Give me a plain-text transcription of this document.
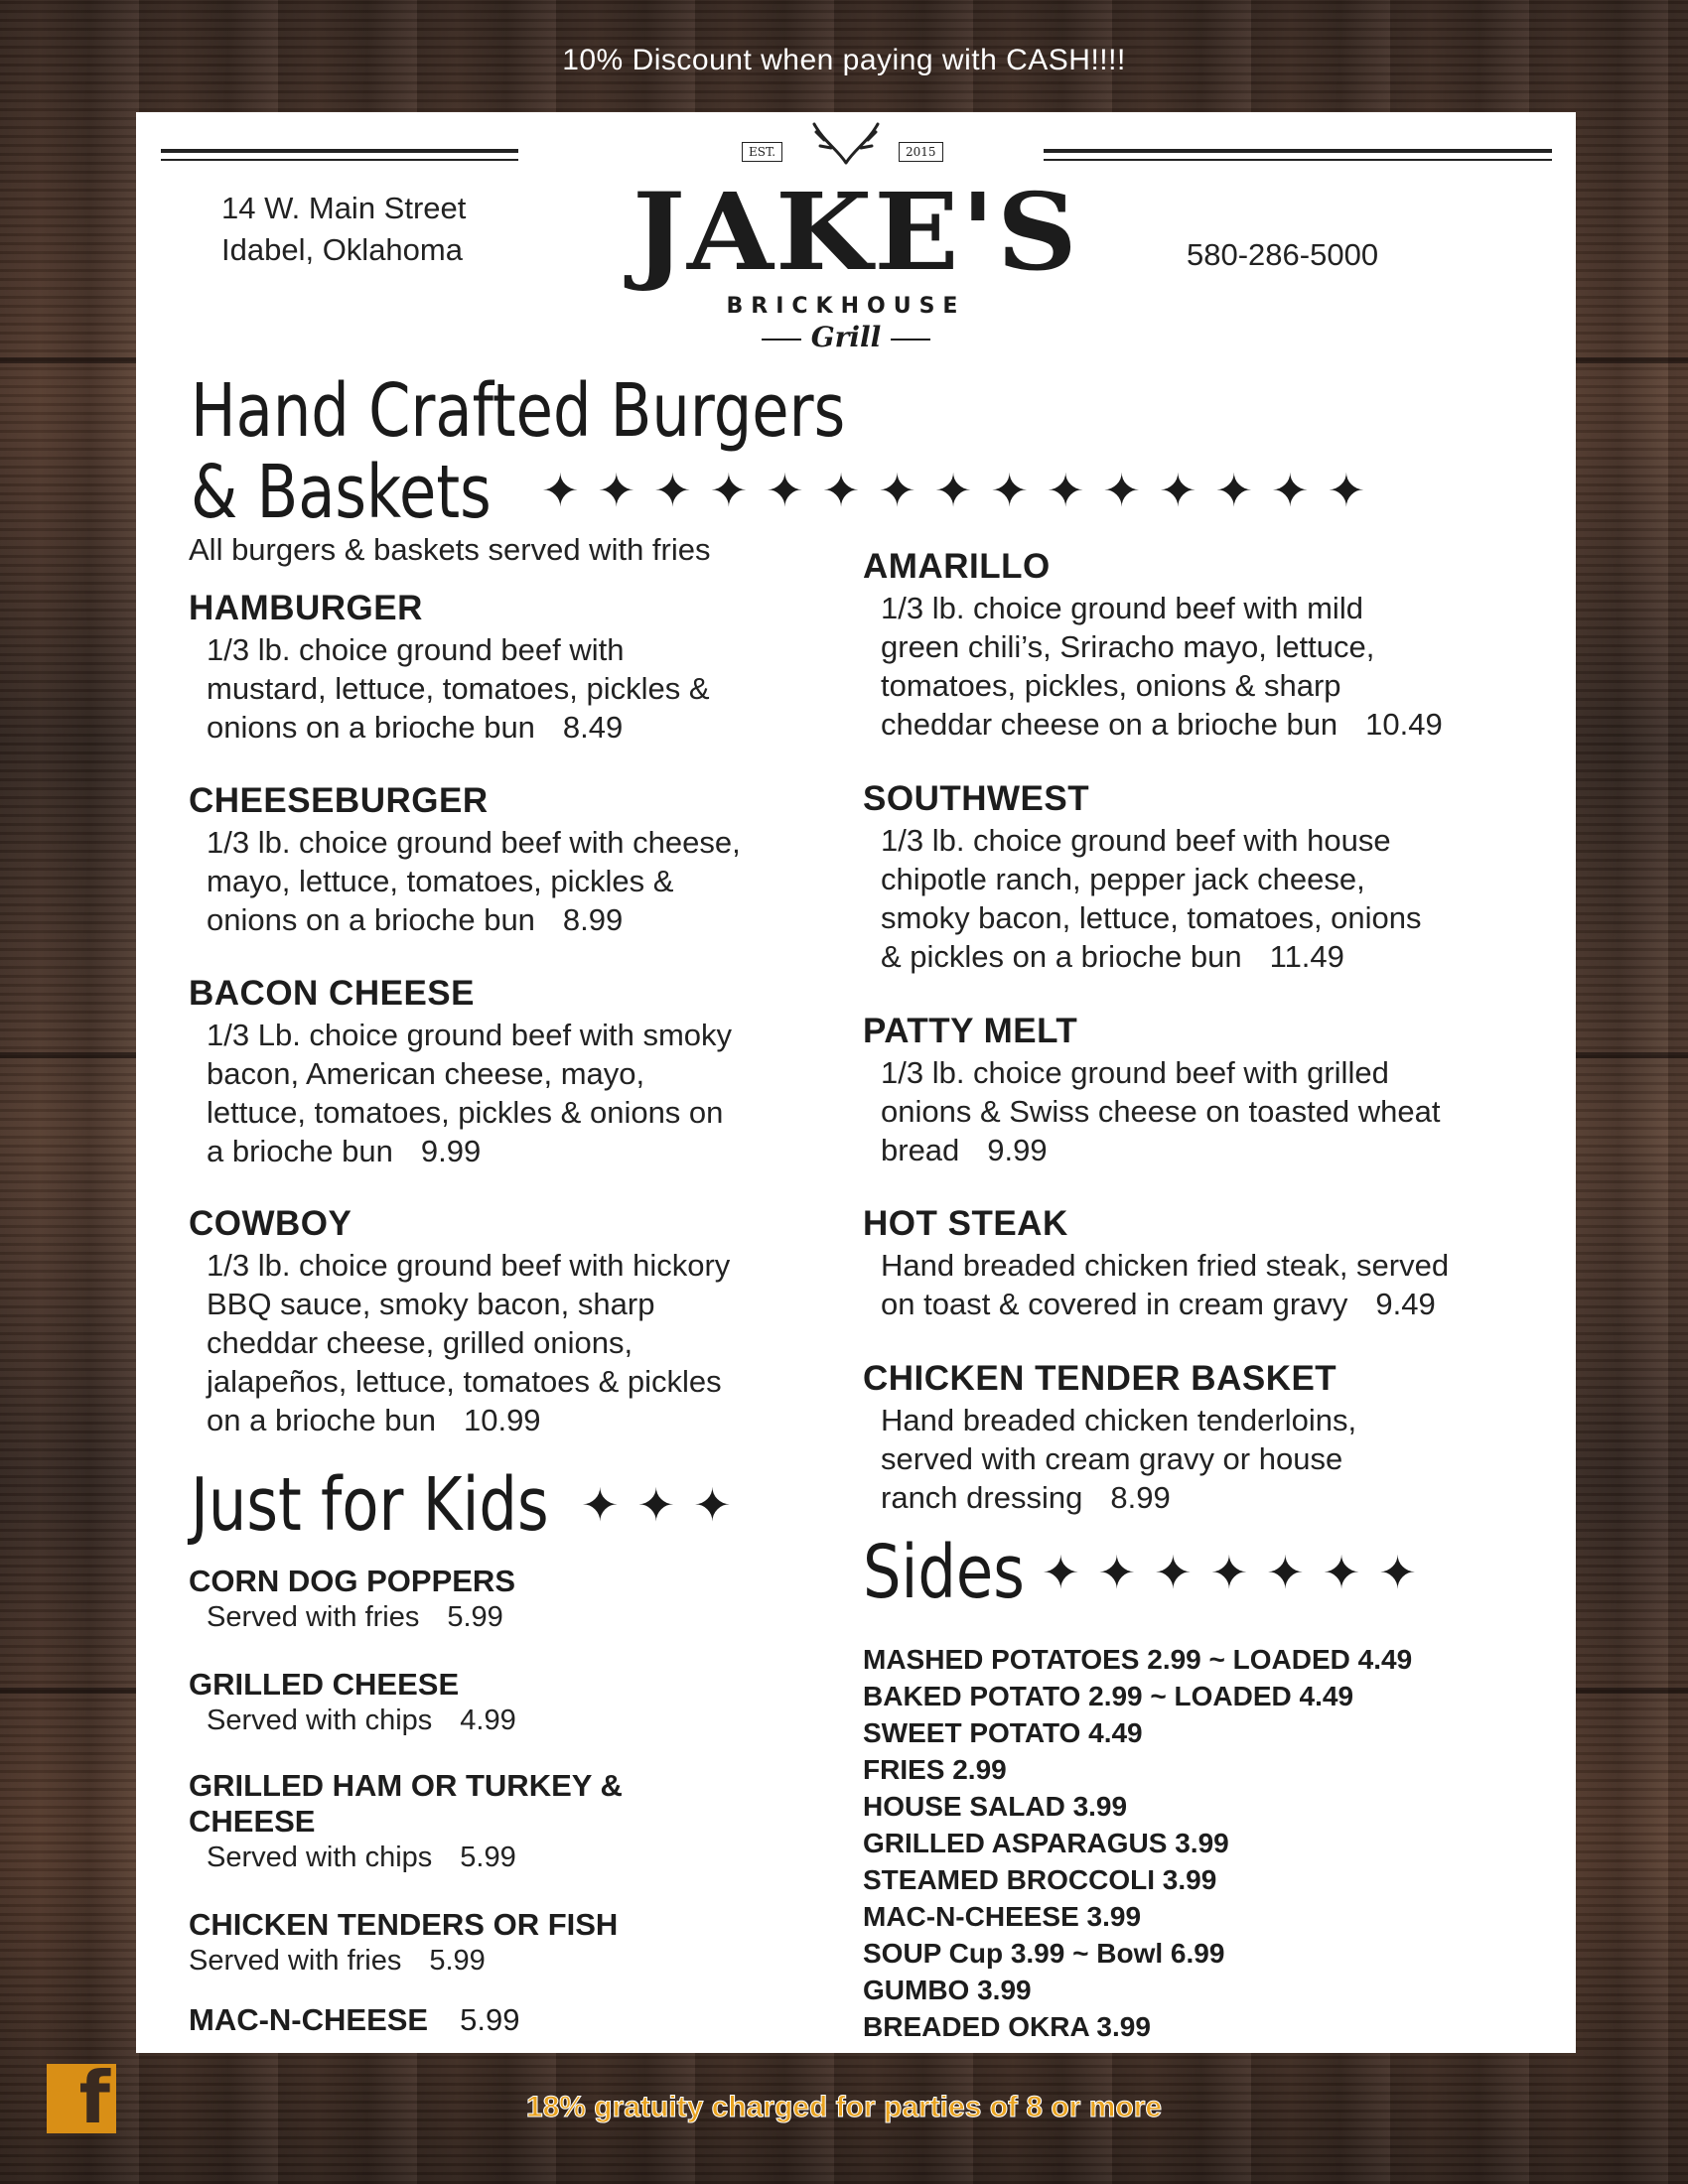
10% Discount when paying with CASH!!!!
14 W. Main Street
Idabel, Oklahoma
EST.	2015
JAKE'S
BRICKHOUSE
Grill
580-286-5000
Hand Crafted Burgers
& Baskets ✦✦✦✦✦✦✦✦✦✦✦✦✦✦✦
All burgers & baskets served with fries
HAMBURGER
1/3 lb. choice ground beef with
mustard, lettuce, tomatoes, pickles &
onions on a brioche bun 8.49
CHEESEBURGER
1/3 lb. choice ground beef with cheese,
mayo, lettuce, tomatoes, pickles &
onions on a brioche bun 8.99
BACON CHEESE
1/3 Lb. choice ground beef with smoky
bacon, American cheese, mayo,
lettuce, tomatoes, pickles & onions on
a brioche bun 9.99
COWBOY
1/3 lb. choice ground beef with hickory
BBQ sauce, smoky bacon, sharp
cheddar cheese, grilled onions,
jalapeños, lettuce, tomatoes & pickles
on a brioche bun 10.99
AMARILLO
1/3 lb. choice ground beef with mild
green chili’s, Sriracho mayo, lettuce,
tomatoes, pickles, onions & sharp
cheddar cheese on a brioche bun 10.49
SOUTHWEST
1/3 lb. choice ground beef with house
chipotle ranch, pepper jack cheese,
smoky bacon, lettuce, tomatoes, onions
& pickles on a brioche bun 11.49
PATTY MELT
1/3 lb. choice ground beef with grilled
onions & Swiss cheese on toasted wheat
bread 9.99
HOT STEAK
Hand breaded chicken fried steak, served
on toast & covered in cream gravy 9.49
CHICKEN TENDER BASKET
Hand breaded chicken tenderloins,
served with cream gravy or house
ranch dressing 8.99
Just for Kids ✦✦✦
CORN DOG POPPERS
Served with fries 5.99
GRILLED CHEESE
Served with chips 4.99
GRILLED HAM OR TURKEY &
CHEESE
Served with chips 5.99
CHICKEN TENDERS OR FISH
Served with fries 5.99
MAC-N-CHEESE 5.99
Sides ✦✦✦✦✦✦✦
MASHED POTATOES 2.99 ~ LOADED 4.49
BAKED POTATO 2.99 ~ LOADED 4.49
SWEET POTATO 4.49
FRIES 2.99
HOUSE SALAD 3.99
GRILLED ASPARAGUS 3.99
STEAMED BROCCOLI 3.99
MAC-N-CHEESE 3.99
SOUP Cup 3.99 ~ Bowl 6.99
GUMBO 3.99
BREADED OKRA 3.99
f	18% gratuity charged for parties of 8 or more
